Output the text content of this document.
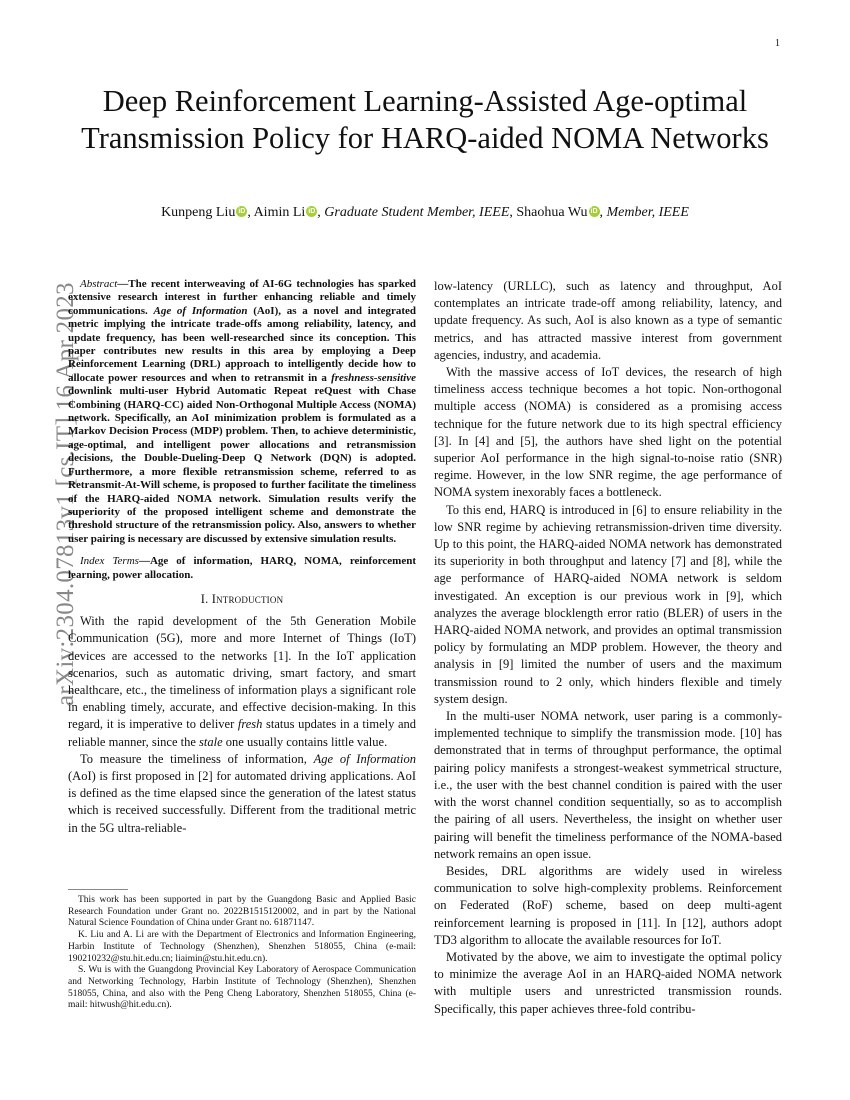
1
arXiv:2304.07813v1 [cs.IT] 16 Apr 2023
Deep Reinforcement Learning-Assisted Age-optimal Transmission Policy for HARQ-aided NOMA Networks
Kunpeng Liu iD , Aimin Li iD , Graduate Student Member, IEEE, Shaohua Wu iD , Member, IEEE

Abstract—The recent interweaving of AI-6G technologies has sparked extensive research interest in further enhancing reliable and timely communications. Age of Information (AoI), as a novel and integrated metric implying the intricate trade-offs among reliability, latency, and update frequency, has been well-researched since its conception. This paper contributes new results in this area by employing a Deep Reinforcement Learning (DRL) approach to intelligently decide how to allocate power resources and when to retransmit in a freshness-sensitive downlink multi-user Hybrid Automatic Repeat reQuest with Chase Combining (HARQ-CC) aided Non-Orthogonal Multiple Access (NOMA) network. Specifically, an AoI minimization problem is formulated as a Markov Decision Process (MDP) problem. Then, to achieve deterministic, age-optimal, and intelligent power allocations and retransmission decisions, the Double-Dueling-Deep Q Network (DQN) is adopted. Furthermore, a more flexible retransmission scheme, referred to as Retransmit-At-Will scheme, is proposed to further facilitate the timeliness of the HARQ-aided NOMA network. Simulation results verify the superiority of the proposed intelligent scheme and demonstrate the threshold structure of the retransmission policy. Also, answers to whether user pairing is necessary are discussed by extensive simulation results.

Index Terms—Age of information, HARQ, NOMA, reinforcement learning, power allocation.

I. Introduction

With the rapid development of the 5th Generation Mobile Communication (5G), more and more Internet of Things (IoT) devices are accessed to the networks [1]. In the IoT application scenarios, such as automatic driving, smart factory, and smart healthcare, etc., the timeliness of information plays a significant role in enabling timely, accurate, and effective decision-making. In this regard, it is imperative to deliver fresh status updates in a timely and reliable manner, since the stale one usually contains little value.

To measure the timeliness of information, Age of Information (AoI) is first proposed in [2] for automated driving applications. AoI is defined as the time elapsed since the generation of the latest status which is received successfully. Different from the traditional metric in the 5G ultra-reliable-

This work has been supported in part by the Guangdong Basic and Applied Basic Research Foundation under Grant no. 2022B1515120002, and in part by the National Natural Science Foundation of China under Grant no. 61871147.

K. Liu and A. Li are with the Department of Electronics and Information Engineering, Harbin Institute of Technology (Shenzhen), Shenzhen 518055, China (e-mail: 190210232@stu.hit.edu.cn; liaimin@stu.hit.edu.cn).

S. Wu is with the Guangdong Provincial Key Laboratory of Aerospace Communication and Networking Technology, Harbin Institute of Technology (Shenzhen), Shenzhen 518055, China, and also with the Peng Cheng Laboratory, Shenzhen 518055, China (e-mail: hitwush@hit.edu.cn).

low-latency (URLLC), such as latency and throughput, AoI contemplates an intricate trade-off among reliability, latency, and update frequency. As such, AoI is also known as a type of semantic metrics, and has attracted massive interest from government agencies, industry, and academia.

With the massive access of IoT devices, the research of high timeliness access technique becomes a hot topic. Non-orthogonal multiple access (NOMA) is considered as a promising access technique for the future network due to its high spectral efficiency [3]. In [4] and [5], the authors have shed light on the potential superior AoI performance in the high signal-to-noise ratio (SNR) regime. However, in the low SNR regime, the age performance of NOMA system inexorably faces a bottleneck.

To this end, HARQ is introduced in [6] to ensure reliability in the low SNR regime by achieving retransmission-driven time diversity. Up to this point, the HARQ-aided NOMA network has demonstrated its superiority in both throughput and latency [7] and [8], while the age performance of HARQ-aided NOMA network is seldom investigated. An exception is our previous work in [9], which analyzes the average blocklength error ratio (BLER) of users in the HARQ-aided NOMA network, and provides an optimal transmission policy by formulating an MDP problem. However, the theory and analysis in [9] limited the number of users and the maximum transmission round to 2 only, which hinders flexible and timely system design.

In the multi-user NOMA network, user paring is a commonly-implemented technique to simplify the transmission mode. [10] has demonstrated that in terms of throughput performance, the optimal pairing policy manifests a strongest-weakest symmetrical structure, i.e., the user with the best channel condition is paired with the user with the worst channel condition sequentially, so as to accomplish the pairing of all users. Nevertheless, the insight on whether user pairing will benefit the timeliness performance of the NOMA-based network remains an open issue.

Besides, DRL algorithms are widely used in wireless communication to solve high-complexity problems. Reinforcement on Federated (RoF) scheme, based on deep multi-agent reinforcement learning is proposed in [11]. In [12], authors adopt TD3 algorithm to allocate the available resources for IoT.

Motivated by the above, we aim to investigate the optimal policy to minimize the average AoI in an HARQ-aided NOMA network with multiple users and unrestricted transmission rounds. Specifically, this paper achieves three-fold contribu-
